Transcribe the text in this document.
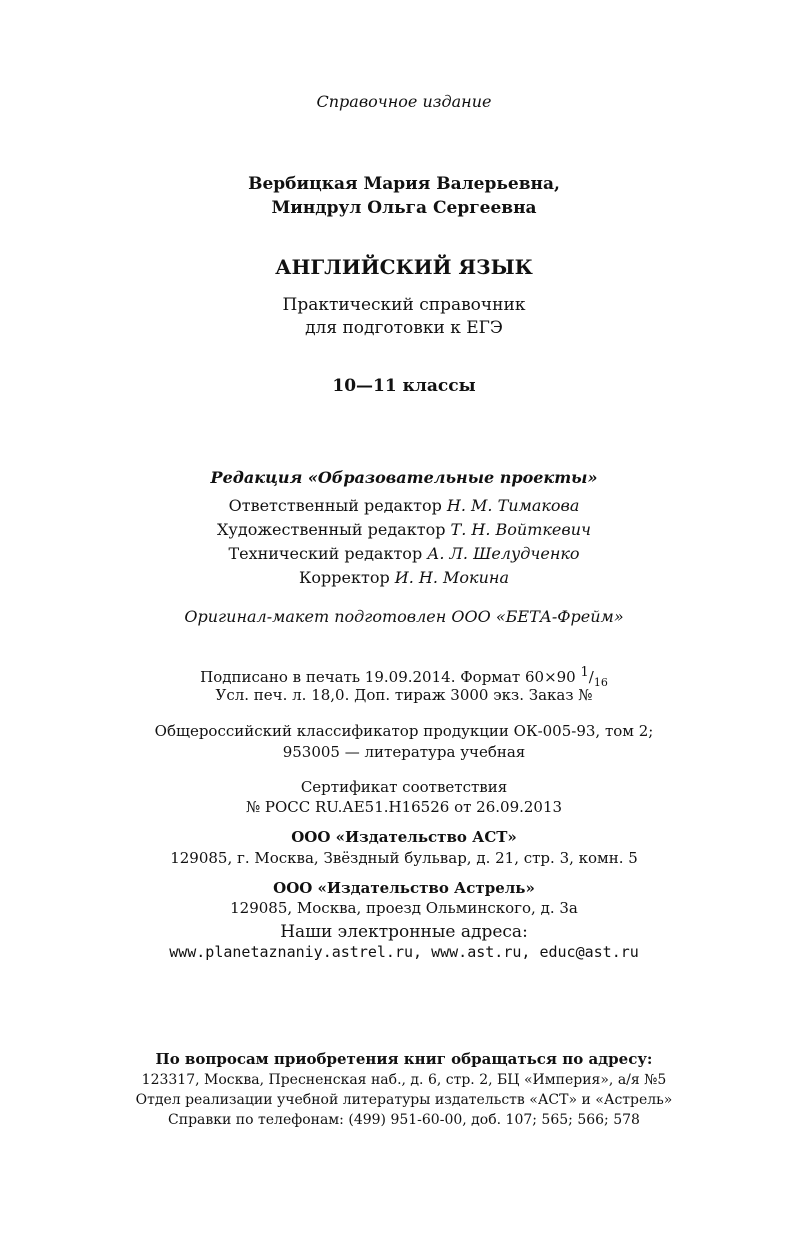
Справочное издание
Вербицкая Мария Валерьевна,
Миндрул Ольга Сергеевна
АНГЛИЙСКИЙ ЯЗЫК
Практический справочник
для подготовки к ЕГЭ
10—11 классы
Редакция «Образовательные проекты»
Ответственный редактор Н. М. Тимакова
Художественный редактор Т. Н. Войткевич
Технический редактор А. Л. Шелудченко
Корректор И. Н. Мокина
Оригинал-макет подготовлен ООО «БЕТА-Фрейм»
Подписано в печать 19.09.2014. Формат 60×90 $1/_{16}$
Усл. печ. л. 18,0. Доп. тираж 3000 экз. Заказ №
Общероссийский классификатор продукции ОК-005-93, том 2;
953005 — литература учебная
Сертификат соответствия
№ РОСС RU.АЕ51.Н16526 от 26.09.2013
ООО «Издательство АСТ»
129085, г. Москва, Звёздный бульвар, д. 21, стр. 3, комн. 5
ООО «Издательство Астрель»
129085, Москва, проезд Ольминского, д. 3а
Наши электронные адреса:
www.planetaznaniy.astrel.ru, www.ast.ru, educ@ast.ru
По вопросам приобретения книг обращаться по адресу:
123317, Москва, Пресненская наб., д. 6, стр. 2, БЦ «Империя», а/я №5
Отдел реализации учебной литературы издательств «АСТ» и «Астрель»
Справки по телефонам: (499) 951-60-00, доб. 107; 565; 566; 578
